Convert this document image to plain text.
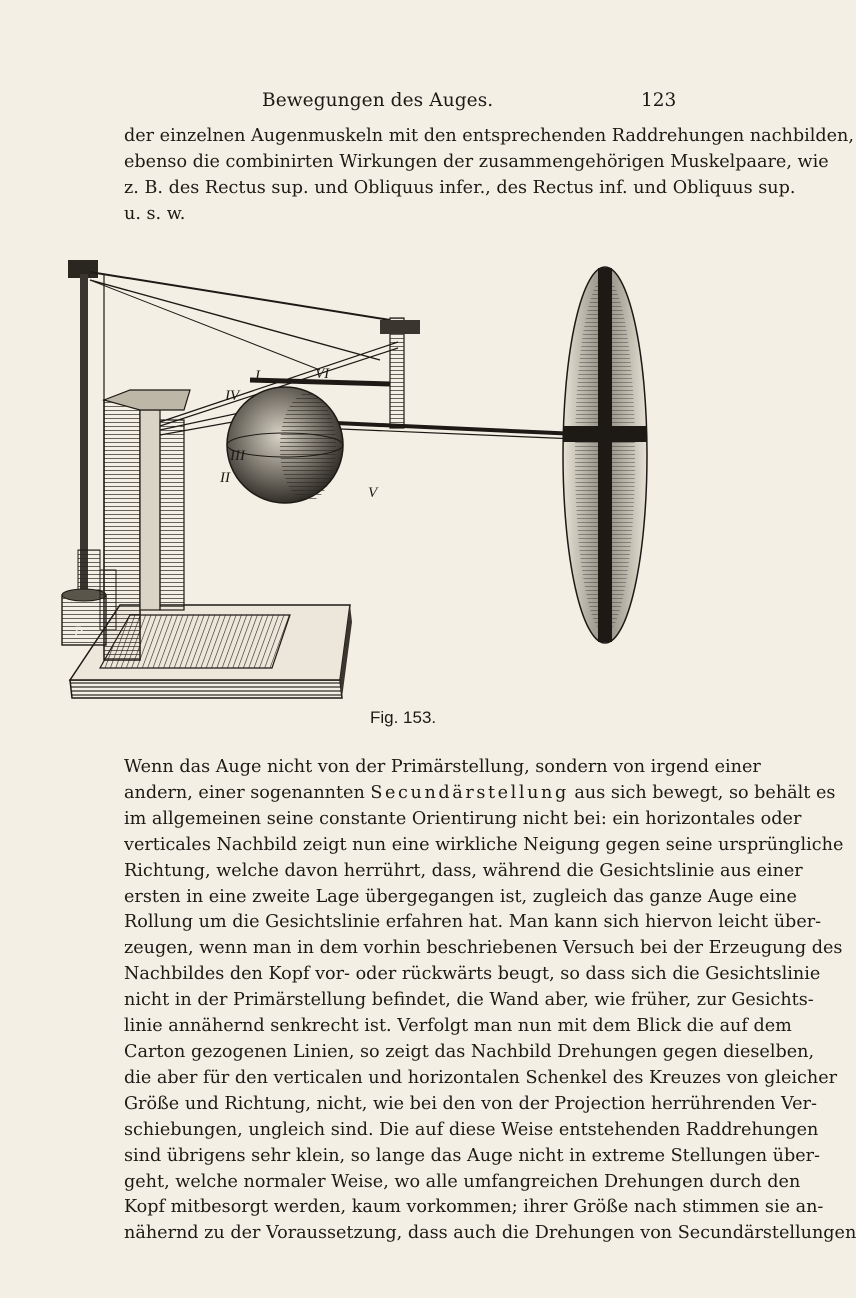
Bewegungen des Auges.	123

der einzelnen Augenmuskeln mit den entsprechenden Raddrehungen nachbilden,
ebenso die combinirten Wirkungen der zusammengehörigen Muskelpaare, wie
z. B. des Rectus sup. und Obliquus infer., des Rectus inf. und Obliquus sup.
u. s. w.

I	VI
IV
III
II
V
P
Fig. 153.

Wenn das Auge nicht von der Primärstellung, sondern von irgend einer
andern, einer sogenannten Secundärstellung aus sich bewegt, so behält es
im allgemeinen seine constante Orientirung nicht bei: ein horizontales oder
verticales Nachbild zeigt nun eine wirkliche Neigung gegen seine ursprüngliche
Richtung, welche davon herrührt, dass, während die Gesichtslinie aus einer
ersten in eine zweite Lage übergegangen ist, zugleich das ganze Auge eine
Rollung um die Gesichtslinie erfahren hat. Man kann sich hiervon leicht über-
zeugen, wenn man in dem vorhin beschriebenen Versuch bei der Erzeugung des
Nachbildes den Kopf vor- oder rückwärts beugt, so dass sich die Gesichtslinie
nicht in der Primärstellung befindet, die Wand aber, wie früher, zur Gesichts-
linie annähernd senkrecht ist. Verfolgt man nun mit dem Blick die auf dem
Carton gezogenen Linien, so zeigt das Nachbild Drehungen gegen dieselben,
die aber für den verticalen und horizontalen Schenkel des Kreuzes von gleicher
Größe und Richtung, nicht, wie bei den von der Projection herrührenden Ver-
schiebungen, ungleich sind. Die auf diese Weise entstehenden Raddrehungen
sind übrigens sehr klein, so lange das Auge nicht in extreme Stellungen über-
geht, welche normaler Weise, wo alle umfangreichen Drehungen durch den
Kopf mitbesorgt werden, kaum vorkommen; ihrer Größe nach stimmen sie an-
nähernd zu der Voraussetzung, dass auch die Drehungen von Secundärstellungen
